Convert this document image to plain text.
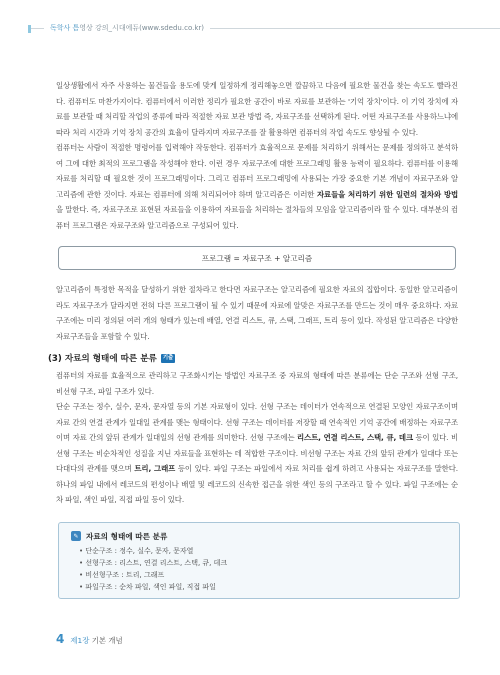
독학사 틈영상 강의_시대에듀(www.sdedu.co.kr)

일상생활에서 자주 사용하는 물건들을 용도에 맞게 일정하게 정리해놓으면 깔끔하고 다음에 필요한 물건을 찾는 속도도 빨라진다. 컴퓨터도 마찬가지이다. 컴퓨터에서 이러한 정리가 필요한 공간이 바로 자료를 보관하는 '기억 장치'이다. 이 기억 장치에 자료를 보관할 때 처리할 작업의 종류에 따라 적절한 자료 보관 방법 즉, 자료구조를 선택하게 된다. 어떤 자료구조를 사용하느냐에 따라 처리 시간과 기억 장치 공간의 효율이 달라지며 자료구조를 잘 활용하면 컴퓨터의 작업 속도도 향상될 수 있다.

컴퓨터는 사람이 적절한 명령어를 입력해야 작동한다. 컴퓨터가 효율적으로 문제를 처리하기 위해서는 문제를 정의하고 분석하여 그에 대한 최적의 프로그램을 작성해야 한다. 이런 경우 자료구조에 대한 프로그래밍 활용 능력이 필요하다. 컴퓨터를 이용해 자료를 처리할 때 필요한 것이 프로그래밍이다. 그리고 컴퓨터 프로그래밍에 사용되는 가장 중요한 기본 개념이 자료구조와 알고리즘에 관한 것이다. 자료는 컴퓨터에 의해 처리되어야 하며 알고리즘은 이러한 자료들을 처리하기 위한 일련의 절차와 방법을 말한다. 즉, 자료구조로 표현된 자료들을 이용하여 자료들을 처리하는 절차들의 모임을 알고리즘이라 할 수 있다. 대부분의 컴퓨터 프로그램은 자료구조와 알고리즘으로 구성되어 있다.

프로그램 = 자료구조 + 알고리즘

알고리즘이 특정한 목적을 달성하기 위한 절차라고 한다면 자료구조는 알고리즘에 필요한 자료의 집합이다. 동일한 알고리즘이라도 자료구조가 달라지면 전혀 다른 프로그램이 될 수 있기 때문에 자료에 알맞은 자료구조를 만드는 것이 매우 중요하다. 자료구조에는 미리 정의된 여러 개의 형태가 있는데 배열, 연결 리스트, 큐, 스택, 그래프, 트리 등이 있다. 작성된 알고리즘은 다양한 자료구조들을 포함할 수 있다.

(3) 자료의 형태에 따른 분류	기출

컴퓨터의 자료를 효율적으로 관리하고 구조화시키는 방법인 자료구조 중 자료의 형태에 따른 분류에는 단순 구조와 선형 구조, 비선형 구조, 파일 구조가 있다.

단순 구조는 정수, 실수, 문자, 문자열 등의 기본 자료형이 있다. 선형 구조는 데이터가 연속적으로 연결된 모양인 자료구조이며 자료 간의 연결 관계가 일대일 관계를 맺는 형태이다. 선형 구조는 데이터를 저장할 때 연속적인 기억 공간에 배정하는 자료구조이며 자료 간의 앞뒤 관계가 일대일의 선형 관계를 의미한다. 선형 구조에는 리스트, 연결 리스트, 스택, 큐, 데크 등이 있다. 비선형 구조는 비순차적인 성질을 지닌 자료들을 표현하는 데 적합한 구조이다. 비선형 구조는 자료 간의 앞뒤 관계가 일대다 또는 다대다의 관계를 맺으며 트리, 그래프 등이 있다. 파일 구조는 파일에서 자료 처리를 쉽게 하려고 사용되는 자료구조를 말한다. 하나의 파일 내에서 레코드의 편성이나 배열 및 레코드의 신속한 접근을 위한 색인 등의 구조라고 할 수 있다. 파일 구조에는 순차 파일, 색인 파일, 직접 파일 등이 있다.

✎ 자료의 형태에 따른 분류
• 단순구조 : 정수, 실수, 문자, 문자열
• 선형구조 : 리스트, 연결 리스트, 스택, 큐, 데크
• 비선형구조 : 트리, 그래프
• 파일구조 : 순차 파일, 색인 파일, 직접 파일
4 제1장 기본 개념
